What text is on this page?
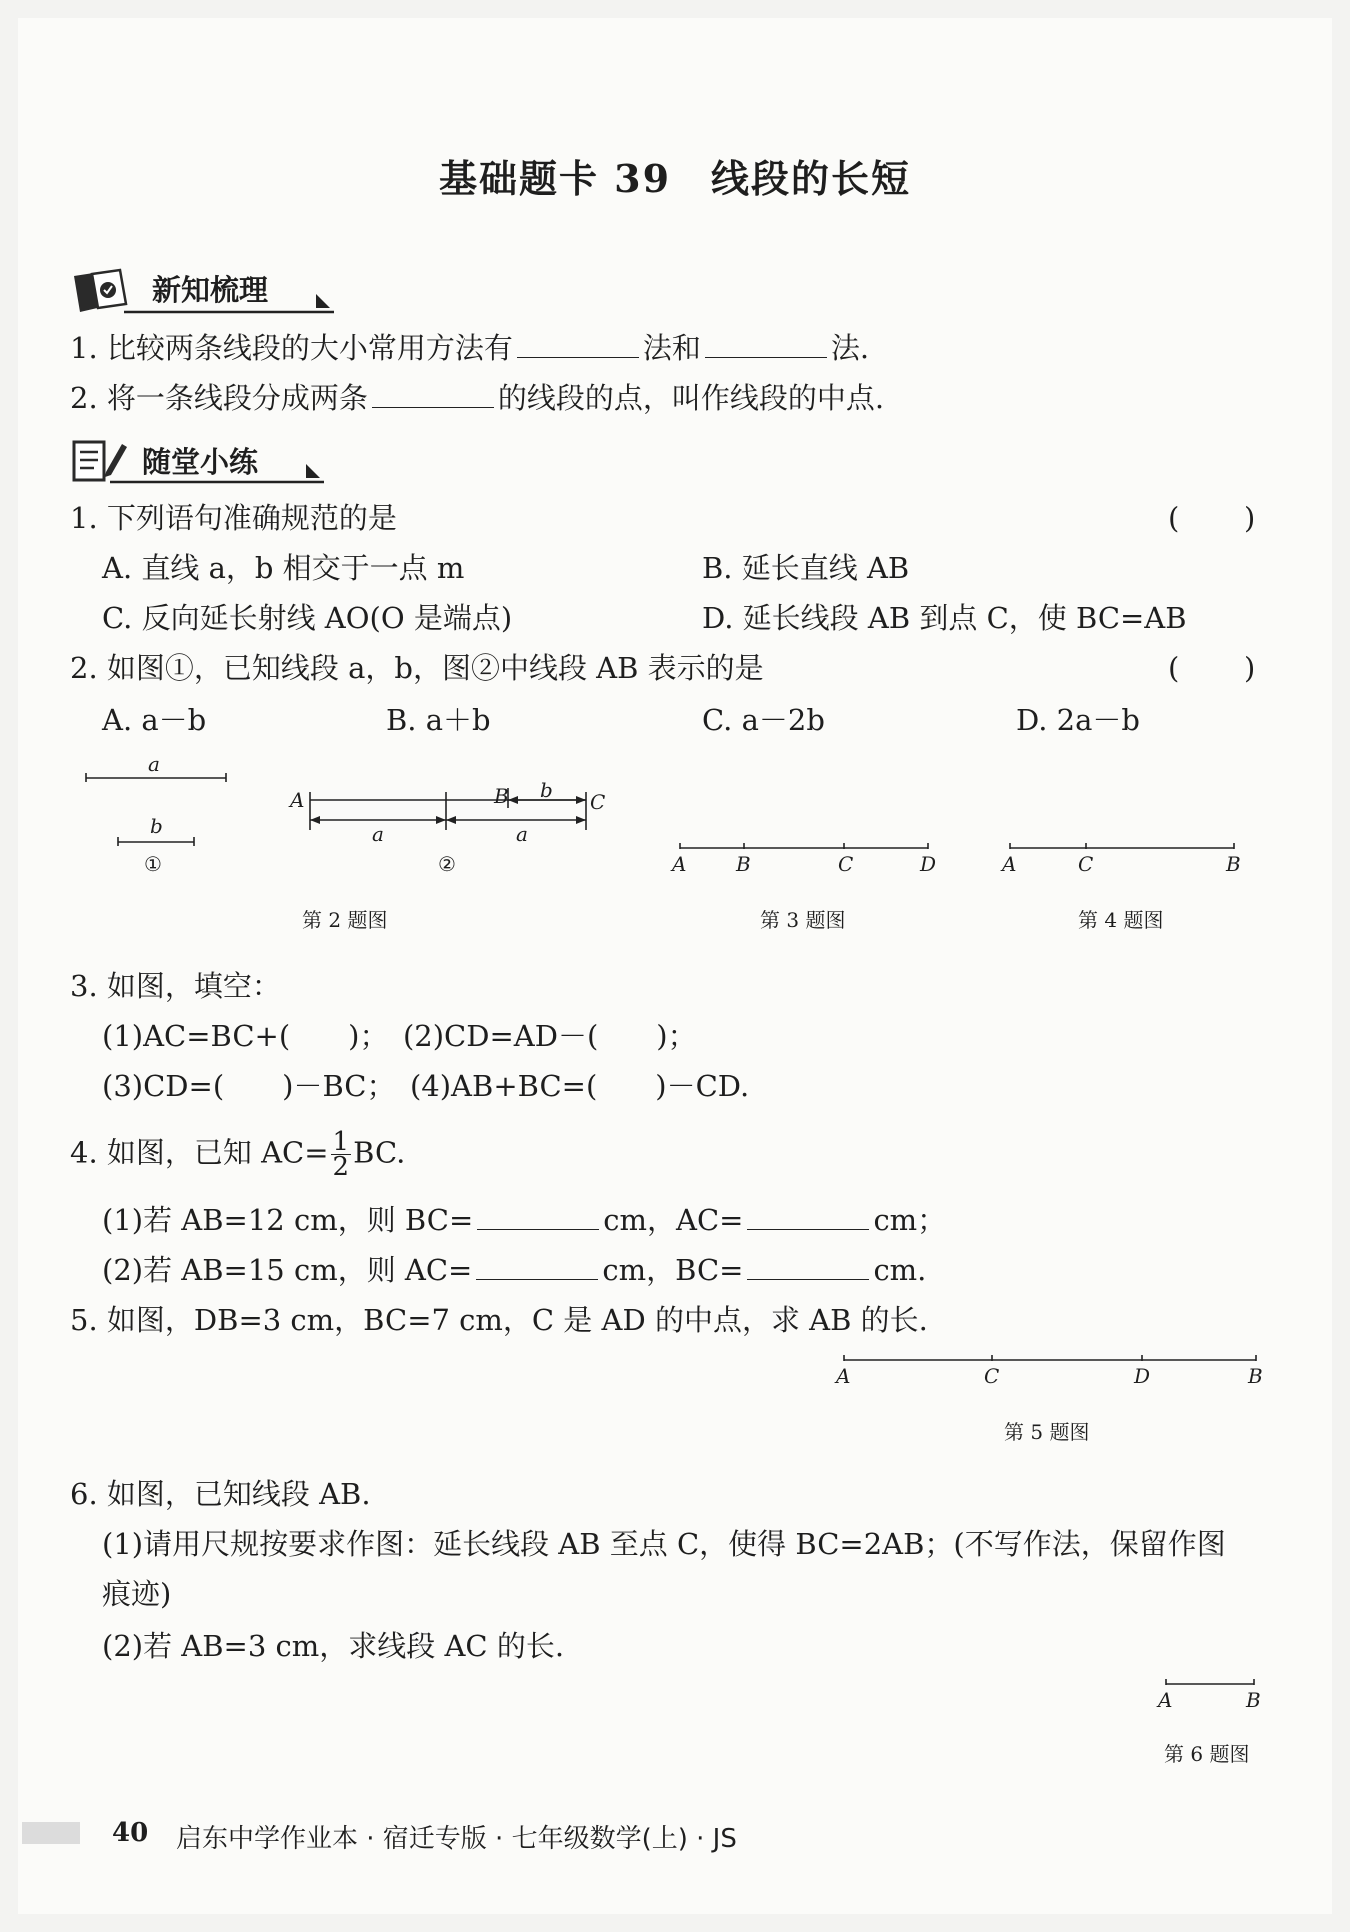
基础题卡 39　线段的长短
新知梳理
1. 比较两条线段的大小常用方法有	法和	法.
2. 将一条线段分成两条	的线段的点，叫作线段的中点.
随堂小练
1. 下列语句准确规范的是	( )
A. 直线 a，b 相交于一点 m	B. 延长直线 AB
C. 反向延长射线 AO(O 是端点)	D. 延长线段 AB 到点 C，使 BC=AB
2. 如图①，已知线段 a，b，图②中线段 AB 表示的是	( )
A. a－b	B. a＋b	C. a－2b	D. 2a－b
a
b
①
A	B b C
a	a
②	A B	C	D	A	C	B
第 2 题图	第 3 题图	第 4 题图
3. 如图，填空：
(1)AC=BC+(　　)；　(2)CD=AD－(　　)；
(3)CD=(　　)－BC；　(4)AB+BC=(　　)－CD.
4. 如图，已知 $AC= \frac{1}{2}$ BC.
(1)若 AB=12 cm，则 BC=	cm，AC=	cm；
(2)若 AB=15 cm，则 AC=	cm，BC=	cm.
5. 如图，DB=3 cm，BC=7 cm，C 是 AD 的中点，求 AB 的长.
A	C	D	B
第 5 题图
6. 如图，已知线段 AB.
(1)请用尺规按要求作图：延长线段 AB 至点 C，使得 BC=2AB；(不写作法，保留作图
痕迹)
(2)若 AB=3 cm，求线段 AC 的长.
A	B
第 6 题图
40 启东中学作业本 · 宿迁专版 · 七年级数学(上) · JS
